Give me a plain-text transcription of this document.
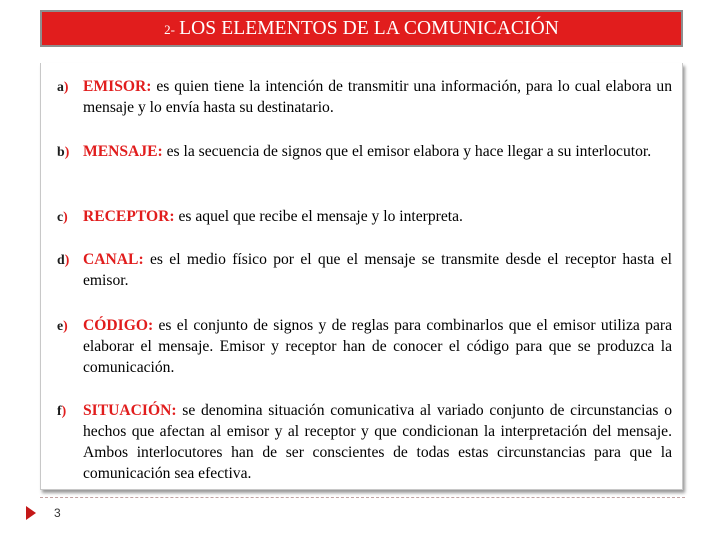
2- LOS ELEMENTOS DE LA COMUNICACIÓN
a) EMISOR: es quien tiene la intención de transmitir una información, para lo cual elabora un mensaje y lo envía hasta su destinatario.
b) MENSAJE: es la secuencia de signos que el emisor elabora y hace llegar a su interlocutor.
c) RECEPTOR: es aquel que recibe el mensaje y lo interpreta.
d) CANAL: es el medio físico por el que el mensaje se transmite desde el receptor hasta el emisor.
e) CÓDIGO: es el conjunto de signos y de reglas para combinarlos que el emisor utiliza para elaborar el mensaje. Emisor y receptor han de conocer el código para que se produzca la comunicación.
f) SITUACIÓN: se denomina situación comunicativa al variado conjunto de circunstancias o hechos que afectan al emisor y al receptor y que condicionan la interpretación del mensaje. Ambos interlocutores han de ser conscientes de todas estas circunstancias para que la comunicación sea efectiva.
3
